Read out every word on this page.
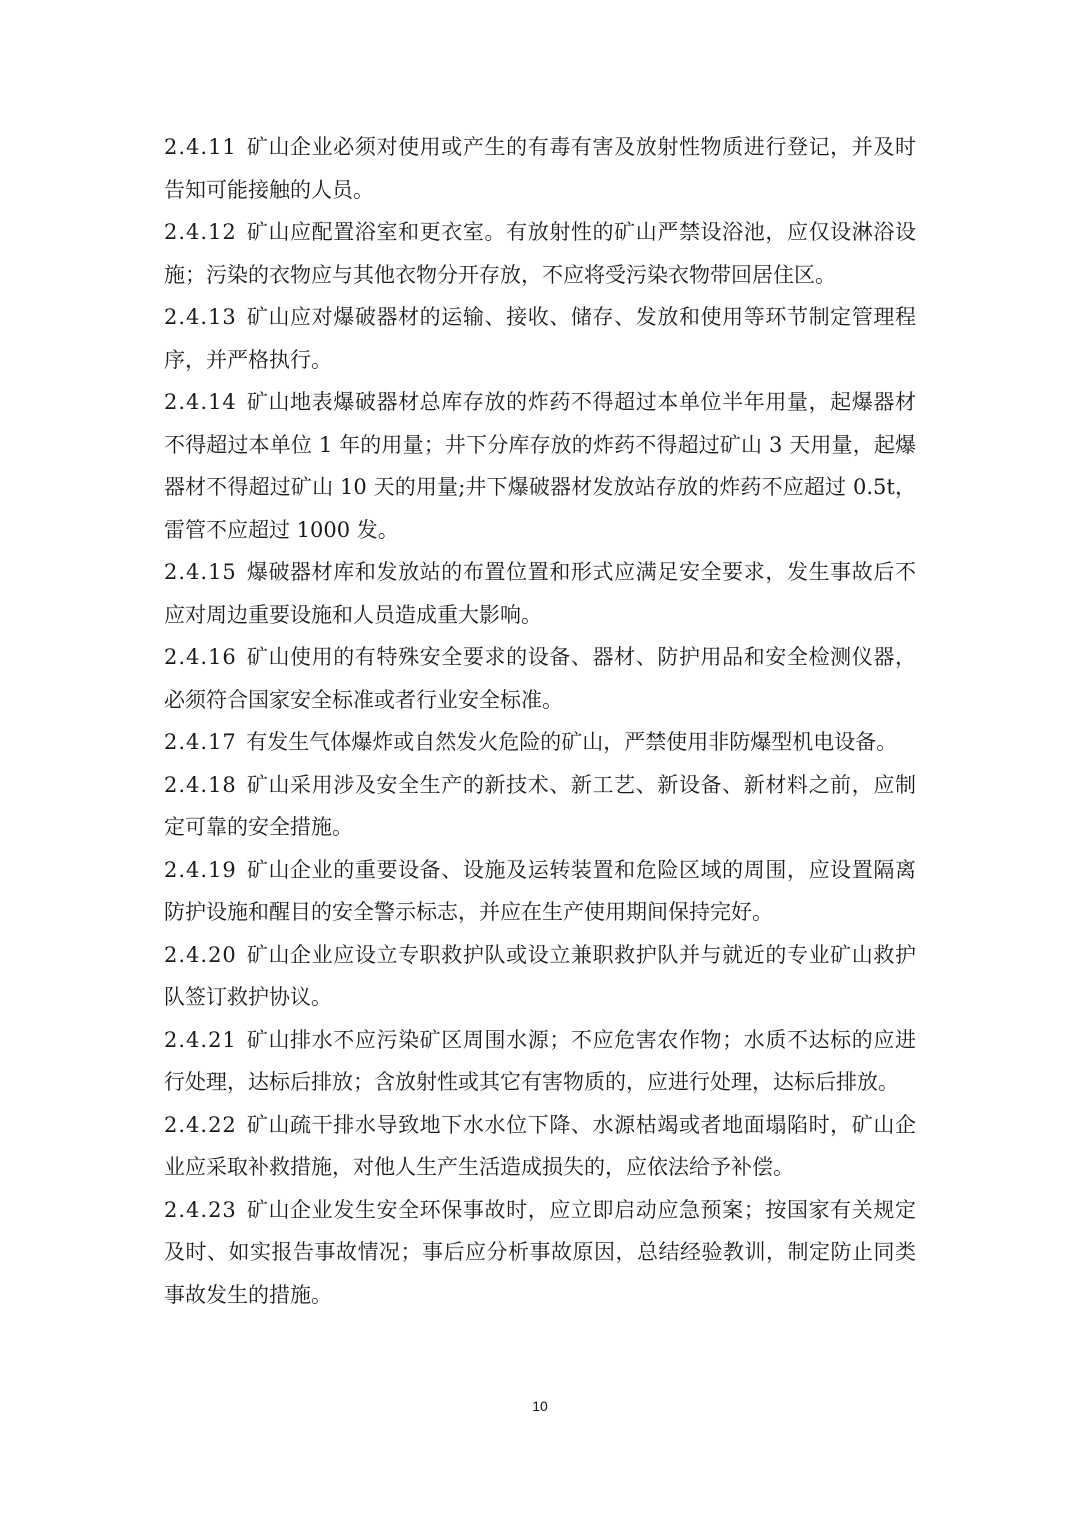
2.4.11 矿山企业必须对使用或产生的有毒有害及放射性物质进行登记，并及时告知可能接触的人员。

2.4.12 矿山应配置浴室和更衣室。有放射性的矿山严禁设浴池，应仅设淋浴设施；污染的衣物应与其他衣物分开存放，不应将受污染衣物带回居住区。

2.4.13 矿山应对爆破器材的运输、接收、储存、发放和使用等环节制定管理程序，并严格执行。

2.4.14 矿山地表爆破器材总库存放的炸药不得超过本单位半年用量，起爆器材不得超过本单位 1 年的用量；井下分库存放的炸药不得超过矿山 3 天用量，起爆器材不得超过矿山 10 天的用量;井下爆破器材发放站存放的炸药不应超过 0.5t，雷管不应超过 1000 发。

2.4.15 爆破器材库和发放站的布置位置和形式应满足安全要求，发生事故后不应对周边重要设施和人员造成重大影响。

2.4.16 矿山使用的有特殊安全要求的设备、器材、防护用品和安全检测仪器，必须符合国家安全标准或者行业安全标准。

2.4.17 有发生气体爆炸或自然发火危险的矿山，严禁使用非防爆型机电设备。

2.4.18 矿山采用涉及安全生产的新技术、新工艺、新设备、新材料之前，应制定可靠的安全措施。

2.4.19 矿山企业的重要设备、设施及运转装置和危险区域的周围，应设置隔离防护设施和醒目的安全警示标志，并应在生产使用期间保持完好。

2.4.20 矿山企业应设立专职救护队或设立兼职救护队并与就近的专业矿山救护队签订救护协议。

2.4.21 矿山排水不应污染矿区周围水源；不应危害农作物；水质不达标的应进行处理，达标后排放；含放射性或其它有害物质的，应进行处理，达标后排放。

2.4.22 矿山疏干排水导致地下水水位下降、水源枯竭或者地面塌陷时，矿山企业应采取补救措施，对他人生产生活造成损失的，应依法给予补偿。

2.4.23 矿山企业发生安全环保事故时，应立即启动应急预案；按国家有关规定及时、如实报告事故情况；事后应分析事故原因，总结经验教训，制定防止同类事故发生的措施。

10
